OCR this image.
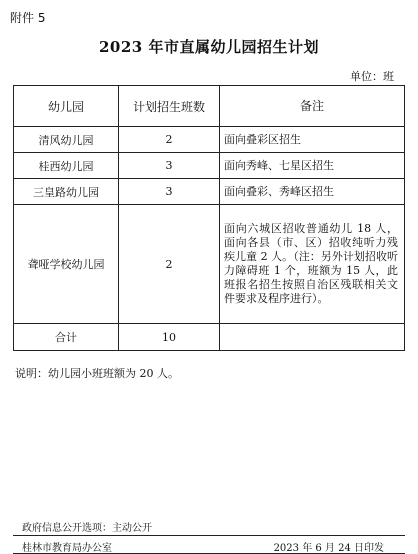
附件 5
2023 年市直属幼儿园招生计划
单位：班
幼儿园	计划招生班数	备注
清风幼儿园	2	面向叠彩区招生
桂西幼儿园	3	面向秀峰、七星区招生
三皇路幼儿园	3	面向叠彩、秀峰区招生
聋哑学校幼儿园	2	面向六城区招收普通幼儿 18 人，面向各县（市、区）招收纯听力残疾儿童 2 人。（注：另外计划招收听力障碍班 1 个，班额为 15 人，此班报名招生按照自治区残联相关文件要求及程序进行）。
合计	10	
说明：幼儿园小班班额为 20 人。
政府信息公开选项：主动公开
桂林市教育局办公室	2023 年 6 月 24 日印发
